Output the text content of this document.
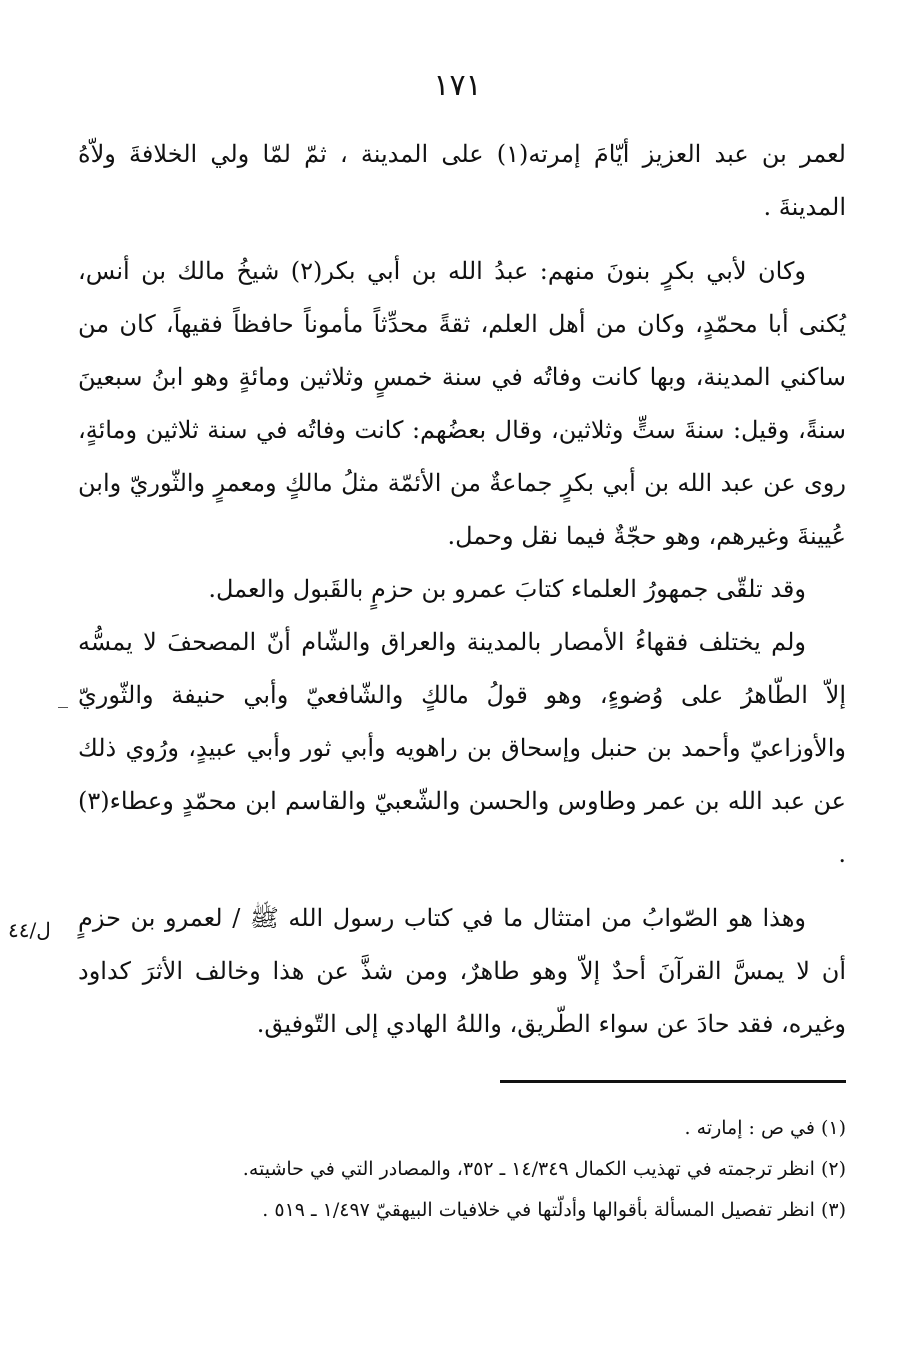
١٧١

لعمر بن عبد العزيز أيّامَ إمرته(١) على المدينة ، ثمّ لمّا ولي الخلافةَ ولاّهُ المدينةَ .

وكان لأبي بكرٍ بنونَ منهم: عبدُ الله بن أبي بكر(٢) شيخُ مالك بن أنس، يُكنى أبا محمّدٍ، وكان من أهل العلم، ثقةً محدِّثاً مأموناً حافظاً فقيهاً، كان من ساكني المدينة، وبها كانت وفاتُه في سنة خمسٍ وثلاثين ومائةٍ وهو ابنُ سبعينَ سنةً، وقيل: سنةَ ستٍّ وثلاثين، وقال بعضُهم: كانت وفاتُه في سنة ثلاثين ومائةٍ، روى عن عبد الله بن أبي بكرٍ جماعةٌ من الأئمّة مثلُ مالكٍ ومعمرٍ والثّوريّ وابن عُيينةَ وغيرهم، وهو حجّةٌ فيما نقل وحمل.

وقد تلقّى جمهورُ العلماء كتابَ عمرو بن حزمٍ بالقَبول والعمل.

ولم يختلف فقهاءُ الأمصار بالمدينة والعراق والشّام أنّ المصحفَ لا يمسُّه إلاّ الطّاهرُ على وُضوءٍ، وهو قولُ مالكٍ والشّافعيّ وأبي حنيفة والثّوريّ والأوزاعيّ وأحمد بن حنبل وإسحاق بن راهويه وأبي ثور وأبي عبيدٍ، ورُوي ذلك عن عبد الله بن عمر وطاوس والحسن والشّعبيّ والقاسم ابن محمّدٍ وعطاء(٣) .

وهذا هو الصّوابُ من امتثال ما في كتاب رسول الله ﷺ / لعمرو بن حزمٍ أن لا يمسَّ القرآنَ أحدٌ إلاّ وهو طاهرٌ، ومن شذَّ عن هذا وخالف الأثرَ كداود وغيره، فقد حادَ عن سواء الطّريق، واللهُ الهادي إلى التّوفيق.

ل/٤٤

(١) في ص : إمارته .

(٢) انظر ترجمته في تهذيب الكمال ١٤/٣٤٩ ـ ٣٥٢، والمصادر التي في حاشيته.

(٣) انظر تفصيل المسألة بأقوالها وأدلّتها في خلافيات البيهقيّ ١/٤٩٧ ـ ٥١٩ .
